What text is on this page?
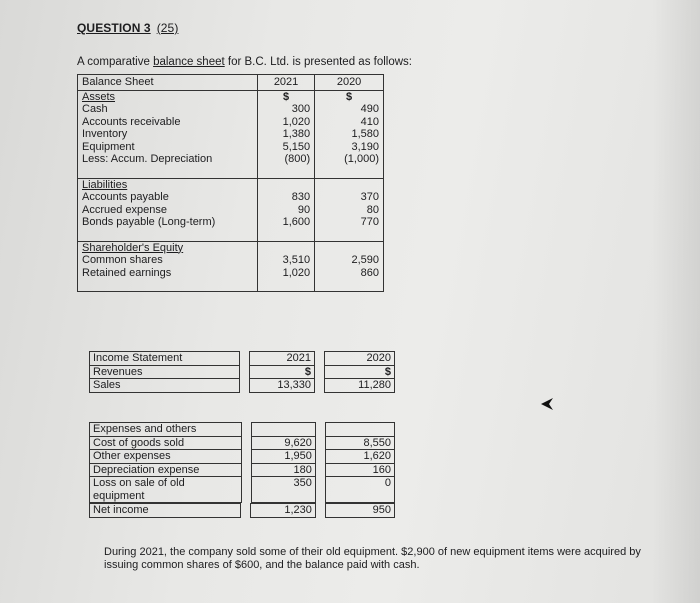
QUESTION 3 (25)
A comparative balance sheet for B.C. Ltd. is presented as follows:
Balance Sheet	2021	2020
Assets	$	$
Cash	300	490
Accounts receivable	1,020	410
Inventory	1,380	1,580
Equipment	5,150	3,190
Less: Accum. Depreciation	(800)	(1,000)

Liabilities		
Accounts payable	830	370
Accrued expense	90	80
Bonds payable (Long-term)	1,600	770

Shareholder's Equity		
Common shares	3,510	2,590
Retained earnings	1,020	860

Income Statement		2021		2020
Revenues		$		$
Sales		13,330		11,280
Expenses and others				
Cost of goods sold		9,620		8,550
Other expenses		1,950		1,620
Depreciation expense		180		160
Loss on sale of old equipment		350		0
Net income		1,230		950
During 2021, the company sold some of their old equipment. $2,900 of new equipment items were acquired by issuing common shares of $600, and the balance paid with cash.
